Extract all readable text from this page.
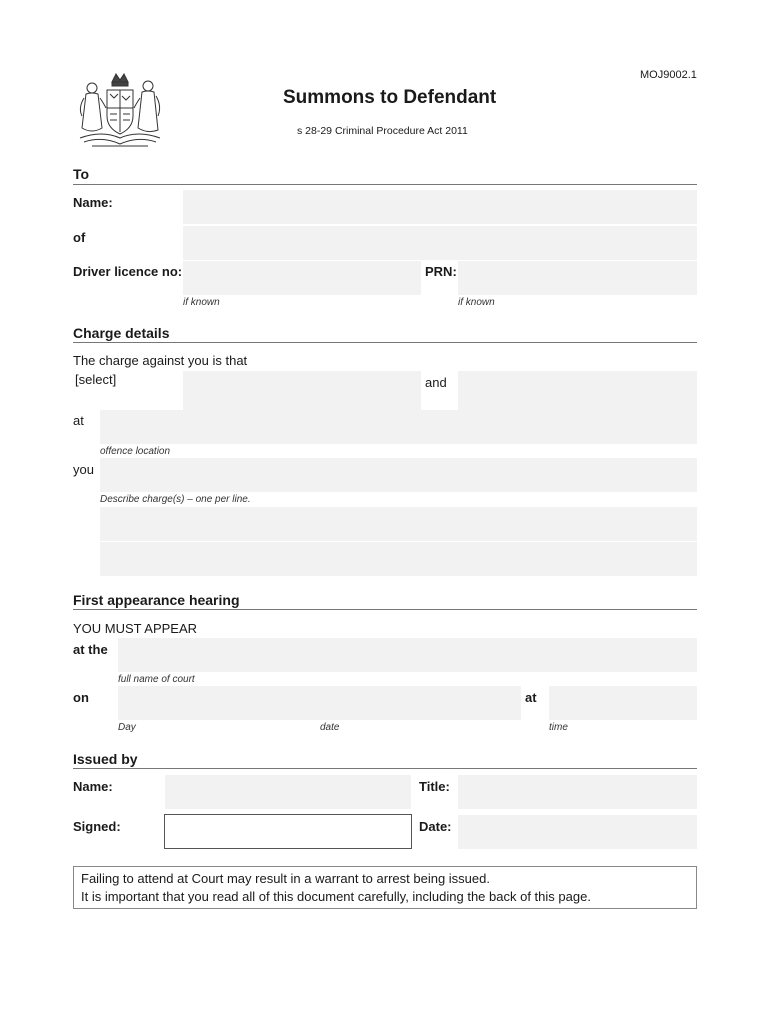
MOJ9002.1
Summons to Defendant
s 28-29 Criminal Procedure Act 2011
To
Name:
of
Driver licence no:	PRN:
if known	if known
Charge details
The charge against you is that
[select]	and
at
offence location
you
Describe charge(s) – one per line.
First appearance hearing
YOU MUST APPEAR
at the
full name of court
on	at
Day	date	time
Issued by
Name:	Title:
Signed:	Date:
Failing to attend at Court may result in a warrant to arrest being issued.
It is important that you read all of this document carefully, including the back of this page.
